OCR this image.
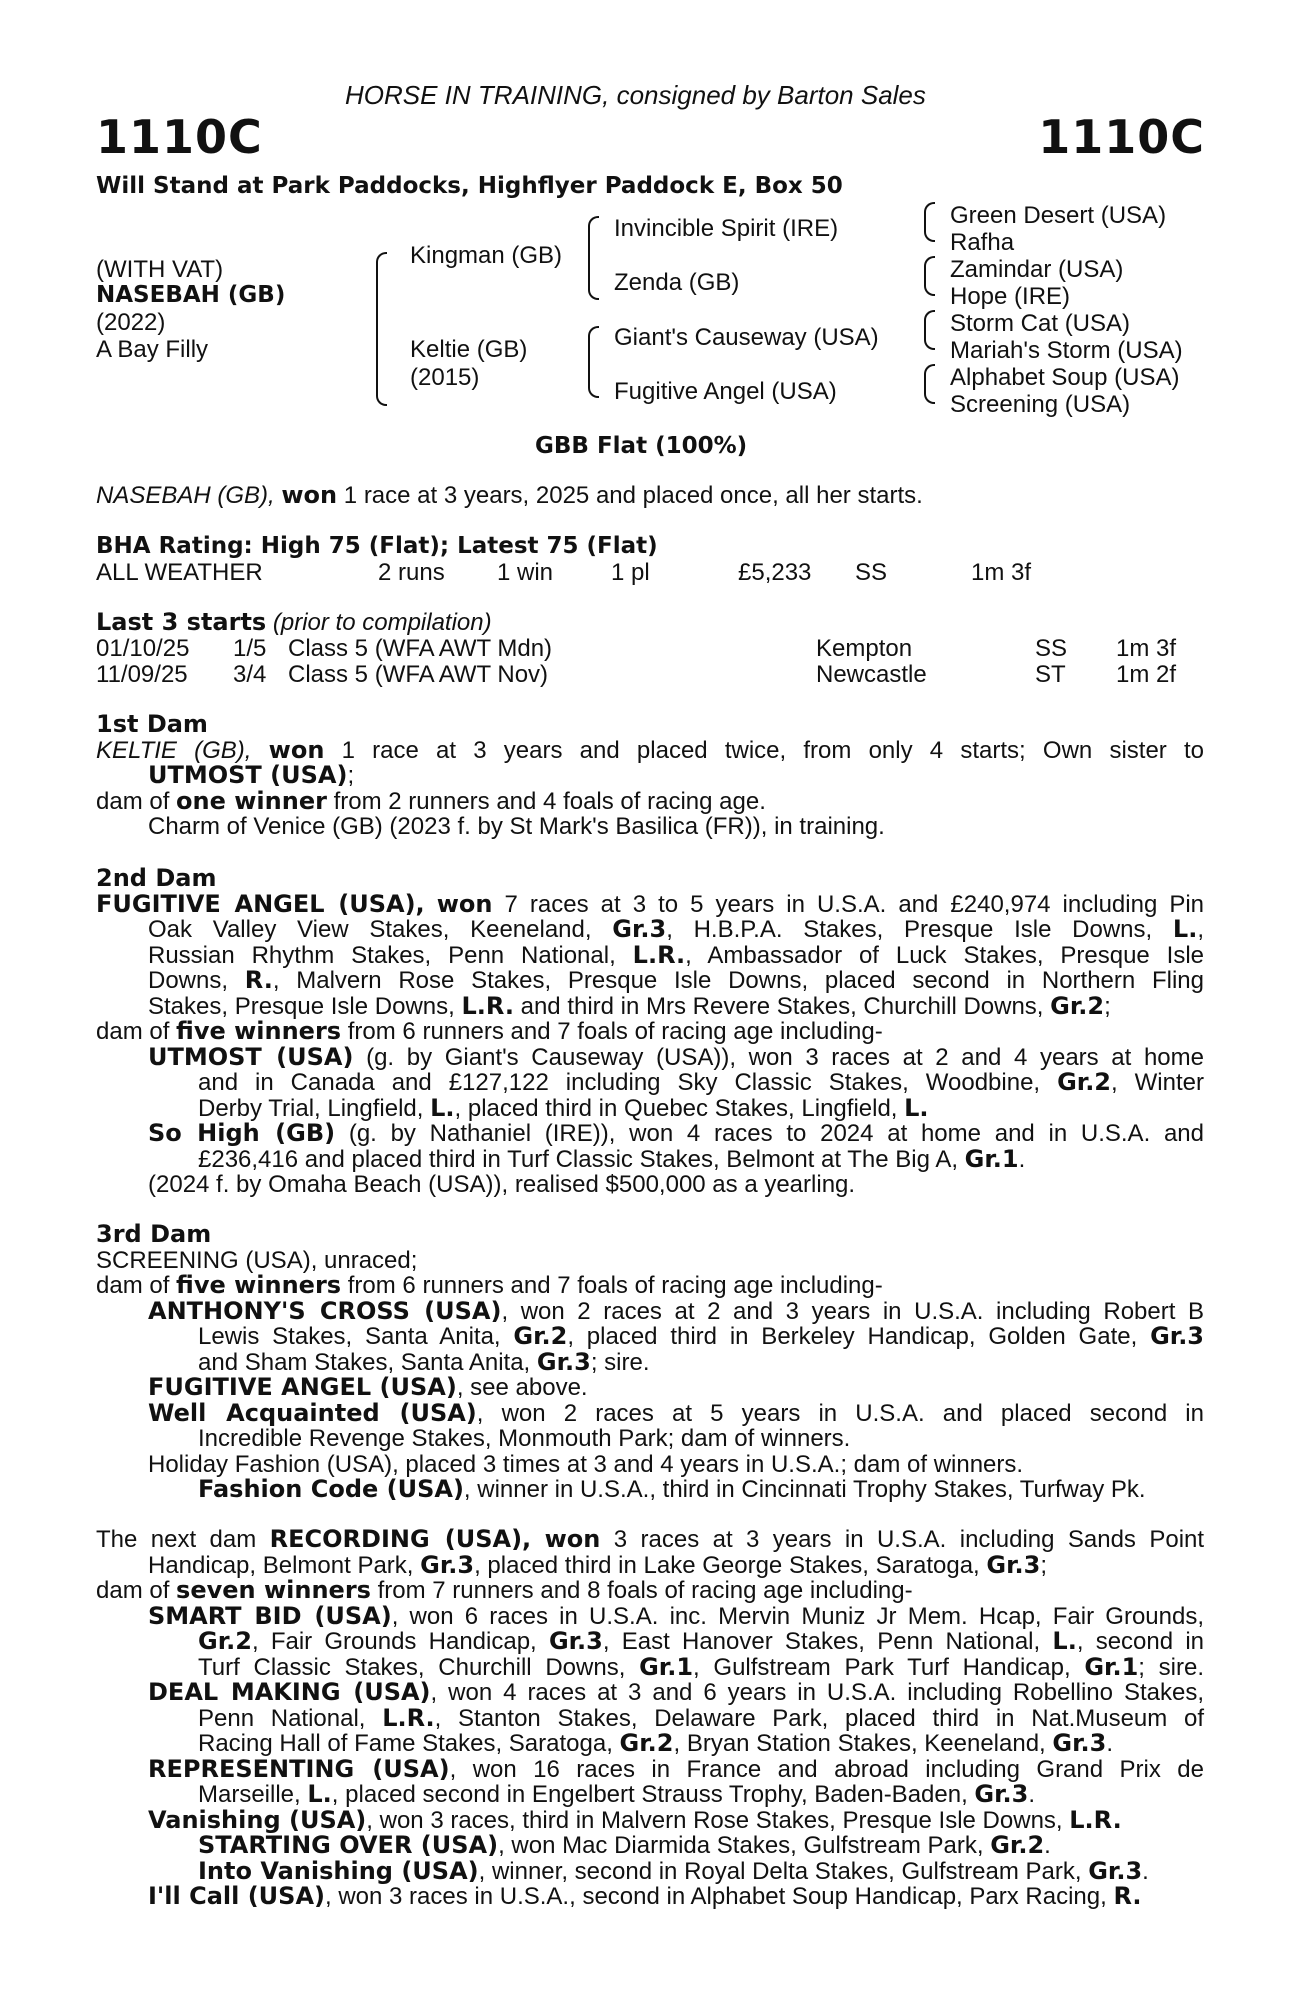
HORSE IN TRAINING, consigned by Barton Sales
1110C	1110C
Will Stand at Park Paddocks, Highflyer Paddock E, Box 50
(WITH VAT)
NASEBAH (GB)
(2022)
A Bay Filly
Kingman (GB)
Keltie (GB)
(2015)
Invincible Spirit (IRE)
Zenda (GB)
Giant's Causeway (USA)
Fugitive Angel (USA)
Green Desert (USA)
Rafha
Zamindar (USA)
Hope (IRE)
Storm Cat (USA)
Mariah's Storm (USA)
Alphabet Soup (USA)
Screening (USA)
GBB Flat (100%)
NASEBAH (GB), won 1 race at 3 years, 2025 and placed once, all her starts.
BHA Rating: High 75 (Flat); Latest 75 (Flat)
ALL WEATHER	2 runs 1 win 1 pl	£5,233 SS	1m 3f
Last 3 starts (prior to compilation)
01/10/25 1/5 Class 5 (WFA AWT Mdn)	Kempton	SS 1m 3f
11/09/25 3/4 Class 5 (WFA AWT Nov)	Newcastle	ST 1m 2f
1st Dam
KELTIE (GB), won 1 race at 3 years and placed twice, from only 4 starts; Own sister to
UTMOST (USA);
dam of one winner from 2 runners and 4 foals of racing age.
Charm of Venice (GB) (2023 f. by St Mark's Basilica (FR)), in training.
2nd Dam
FUGITIVE ANGEL (USA), won 7 races at 3 to 5 years in U.S.A. and £240,974 including Pin
Oak Valley View Stakes, Keeneland, Gr.3, H.B.P.A. Stakes, Presque Isle Downs, L.,
Russian Rhythm Stakes, Penn National, L.R., Ambassador of Luck Stakes, Presque Isle
Downs, R., Malvern Rose Stakes, Presque Isle Downs, placed second in Northern Fling
Stakes, Presque Isle Downs, L.R. and third in Mrs Revere Stakes, Churchill Downs, Gr.2;
dam of five winners from 6 runners and 7 foals of racing age including-
UTMOST (USA) (g. by Giant's Causeway (USA)), won 3 races at 2 and 4 years at home
and in Canada and £127,122 including Sky Classic Stakes, Woodbine, Gr.2, Winter
Derby Trial, Lingfield, L., placed third in Quebec Stakes, Lingfield, L.
So High (GB) (g. by Nathaniel (IRE)), won 4 races to 2024 at home and in U.S.A. and
£236,416 and placed third in Turf Classic Stakes, Belmont at The Big A, Gr.1.
(2024 f. by Omaha Beach (USA)), realised $500,000 as a yearling.
3rd Dam
SCREENING (USA), unraced;
dam of five winners from 6 runners and 7 foals of racing age including-
ANTHONY'S CROSS (USA), won 2 races at 2 and 3 years in U.S.A. including Robert B
Lewis Stakes, Santa Anita, Gr.2, placed third in Berkeley Handicap, Golden Gate, Gr.3
and Sham Stakes, Santa Anita, Gr.3; sire.
FUGITIVE ANGEL (USA), see above.
Well Acquainted (USA), won 2 races at 5 years in U.S.A. and placed second in
Incredible Revenge Stakes, Monmouth Park; dam of winners.
Holiday Fashion (USA), placed 3 times at 3 and 4 years in U.S.A.; dam of winners.
Fashion Code (USA), winner in U.S.A., third in Cincinnati Trophy Stakes, Turfway Pk.
The next dam RECORDING (USA), won 3 races at 3 years in U.S.A. including Sands Point
Handicap, Belmont Park, Gr.3, placed third in Lake George Stakes, Saratoga, Gr.3;
dam of seven winners from 7 runners and 8 foals of racing age including-
SMART BID (USA), won 6 races in U.S.A. inc. Mervin Muniz Jr Mem. Hcap, Fair Grounds,
Gr.2, Fair Grounds Handicap, Gr.3, East Hanover Stakes, Penn National, L., second in
Turf Classic Stakes, Churchill Downs, Gr.1, Gulfstream Park Turf Handicap, Gr.1; sire.
DEAL MAKING (USA), won 4 races at 3 and 6 years in U.S.A. including Robellino Stakes,
Penn National, L.R., Stanton Stakes, Delaware Park, placed third in Nat.Museum of
Racing Hall of Fame Stakes, Saratoga, Gr.2, Bryan Station Stakes, Keeneland, Gr.3.
REPRESENTING (USA), won 16 races in France and abroad including Grand Prix de
Marseille, L., placed second in Engelbert Strauss Trophy, Baden-Baden, Gr.3.
Vanishing (USA), won 3 races, third in Malvern Rose Stakes, Presque Isle Downs, L.R.
STARTING OVER (USA), won Mac Diarmida Stakes, Gulfstream Park, Gr.2.
Into Vanishing (USA), winner, second in Royal Delta Stakes, Gulfstream Park, Gr.3.
I'll Call (USA), won 3 races in U.S.A., second in Alphabet Soup Handicap, Parx Racing, R.
